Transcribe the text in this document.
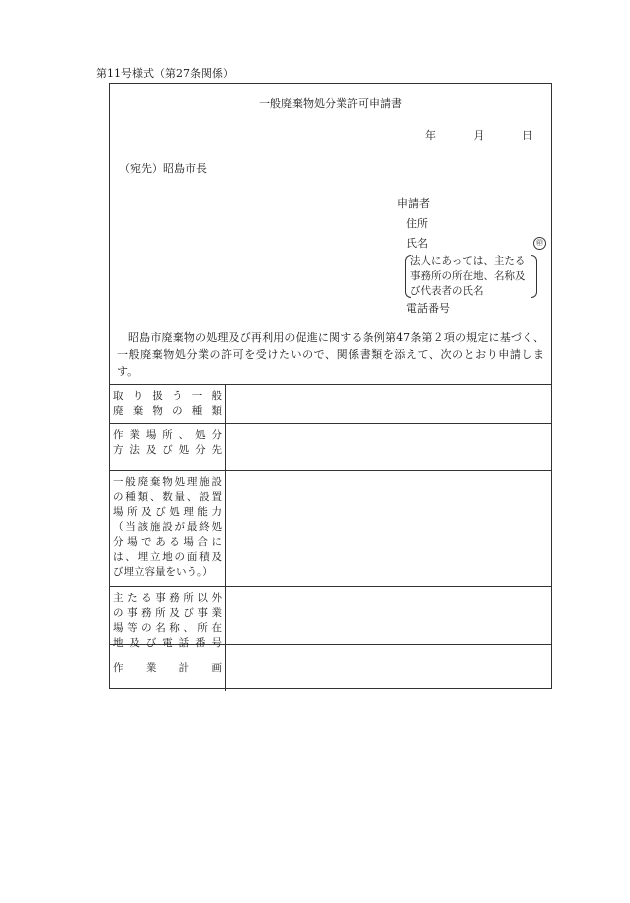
第11号様式（第27条関係）
一般廃棄物処分業許可申請書
年	月	日
（宛先）昭島市長
申請者
住所
氏名	㊞
法人にあっては、主たる
事務所の所在地、名称及
び代表者の氏名
電話番号
昭島市廃棄物の処理及び再利用の促進に関する条例第47条第２項の規定に基づく、一般廃棄物処分業の許可を受けたいので、関係書類を添えて、次のとおり申請します。
取り扱う一般
廃棄物の種類
作業場所、処分
方法及び処分先
一般廃棄物処理施設
の種類、数量、設置
場所及び処理能力
（当該施設が最終処
分場である場合に
は、埋立地の面積及
び埋立容量をいう。）
主たる事務所以外
の事務所及び事業
場等の名称、所在
地及び電話番号
作業計画
